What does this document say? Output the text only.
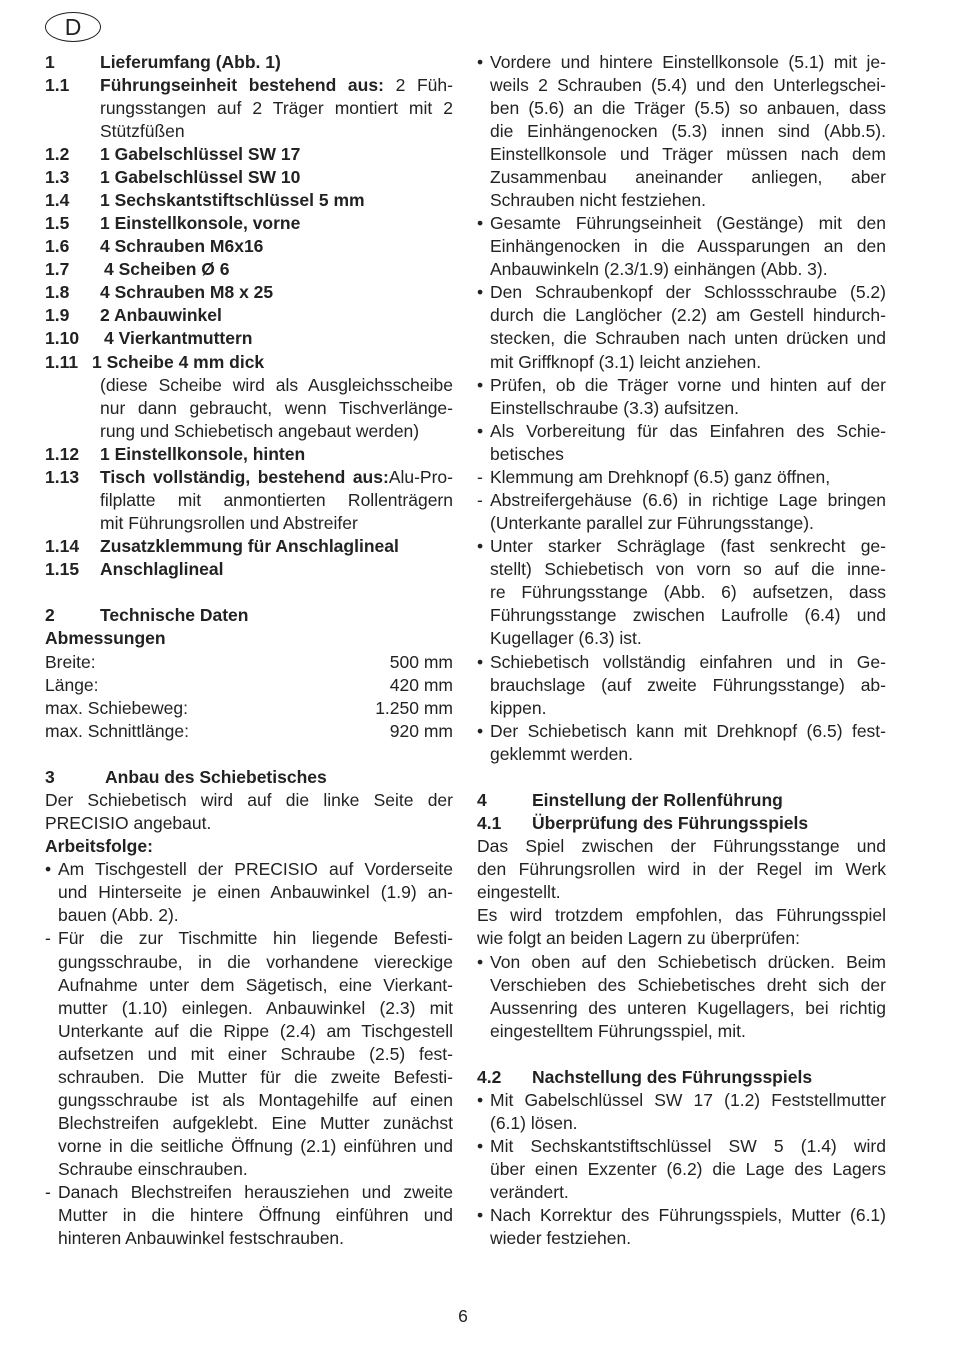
D
1	Lieferumfang (Abb. 1)
1.1 Führungseinheit bestehend aus: 2 Füh-
rungsstangen auf 2 Träger montiert mit 2
Stützfüßen
1.2 1 Gabelschlüssel SW 17
1.3 1 Gabelschlüssel SW 10
1.4 1 Sechskantstiftschlüssel 5 mm
1.5 1 Einstellkonsole, vorne
1.6 4 Schrauben M6x16
1.7 4 Scheiben Ø 6
1.8 4 Schrauben M8 x 25
1.9 2 Anbauwinkel
1.10 4 Vierkantmuttern
1.11 1 Scheibe 4 mm dick
(diese Scheibe wird als Ausgleichsscheibe
nur dann gebraucht, wenn Tischverlänge-
rung und Schiebetisch angebaut werden)
1.12 1 Einstellkonsole, hinten
1.13 Tisch vollständig, bestehend aus:Alu-Pro-
filplatte mit anmontierten Rollenträgern
mit Führungsrollen und Abstreifer
1.14 Zusatzklemmung für Anschlaglineal
1.15 Anschlaglineal
2	Technische Daten
Abmessungen
Breite:	500 mm
Länge:	420 mm
max. Schiebeweg:	1.250 mm
max. Schnittlänge:	920 mm
3	Anbau des Schiebetisches
Der Schiebetisch wird auf die linke Seite der
PRECISIO angebaut.
Arbeitsfolge:
• Am Tischgestell der PRECISIO auf Vorderseite
und Hinterseite je einen Anbauwinkel (1.9) an-
bauen (Abb. 2).
- Für die zur Tischmitte hin liegende Befesti-
gungsschraube, in die vorhandene viereckige
Aufnahme unter dem Sägetisch, eine Vierkant-
mutter (1.10) einlegen. Anbauwinkel (2.3) mit
Unterkante auf die Rippe (2.4) am Tischgestell
aufsetzen und mit einer Schraube (2.5) fest-
schrauben. Die Mutter für die zweite Befesti-
gungsschraube ist als Montagehilfe auf einen
Blechstreifen aufgeklebt. Eine Mutter zunächst
vorne in die seitliche Öffnung (2.1) einführen und
Schraube einschrauben.
- Danach Blechstreifen herausziehen und zweite
Mutter in die hintere Öffnung einführen und
hinteren Anbauwinkel festschrauben.
• Vordere und hintere Einstellkonsole (5.1) mit je-
weils 2 Schrauben (5.4) und den Unterlegschei-
ben (5.6) an die Träger (5.5) so anbauen, dass
die Einhängenocken (5.3) innen sind (Abb.5).
Einstellkonsole und Träger müssen nach dem
Zusammenbau aneinander anliegen, aber
Schrauben nicht festziehen.
• Gesamte Führungseinheit (Gestänge) mit den
Einhängenocken in die Aussparungen an den
Anbauwinkeln (2.3/1.9) einhängen (Abb. 3).
• Den Schraubenkopf der Schlossschraube (5.2)
durch die Langlöcher (2.2) am Gestell hindurch-
stecken, die Schrauben nach unten drücken und
mit Griffknopf (3.1) leicht anziehen.
• Prüfen, ob die Träger vorne und hinten auf der
Einstellschraube (3.3) aufsitzen.
• Als Vorbereitung für das Einfahren des Schie-
betisches
- Klemmung am Drehknopf (6.5) ganz öffnen,
- Abstreifergehäuse (6.6) in richtige Lage bringen
(Unterkante parallel zur Führungsstange).
• Unter starker Schräglage (fast senkrecht ge-
stellt) Schiebetisch von vorn so auf die inne-
re Führungsstange (Abb. 6) aufsetzen, dass
Führungsstange zwischen Laufrolle (6.4) und
Kugellager (6.3) ist.
• Schiebetisch vollständig einfahren und in Ge-
brauchslage (auf zweite Führungsstange) ab-
kippen.
• Der Schiebetisch kann mit Drehknopf (6.5) fest-
geklemmt werden.
4	Einstellung der Rollenführung
4.1 Überprüfung des Führungsspiels
Das Spiel zwischen der Führungsstange und
den Führungsrollen wird in der Regel im Werk
eingestellt.
Es wird trotzdem empfohlen, das Führungsspiel
wie folgt an beiden Lagern zu überprüfen:
• Von oben auf den Schiebetisch drücken. Beim
Verschieben des Schiebetisches dreht sich der
Aussenring des unteren Kugellagers, bei richtig
eingestelltem Führungsspiel, mit.
4.2 Nachstellung des Führungsspiels
• Mit Gabelschlüssel SW 17 (1.2) Feststellmutter
(6.1) lösen.
• Mit Sechskantstiftschlüssel SW 5 (1.4) wird
über einen Exzenter (6.2) die Lage des Lagers
verändert.
• Nach Korrektur des Führungsspiels, Mutter (6.1)
wieder festziehen.
6
